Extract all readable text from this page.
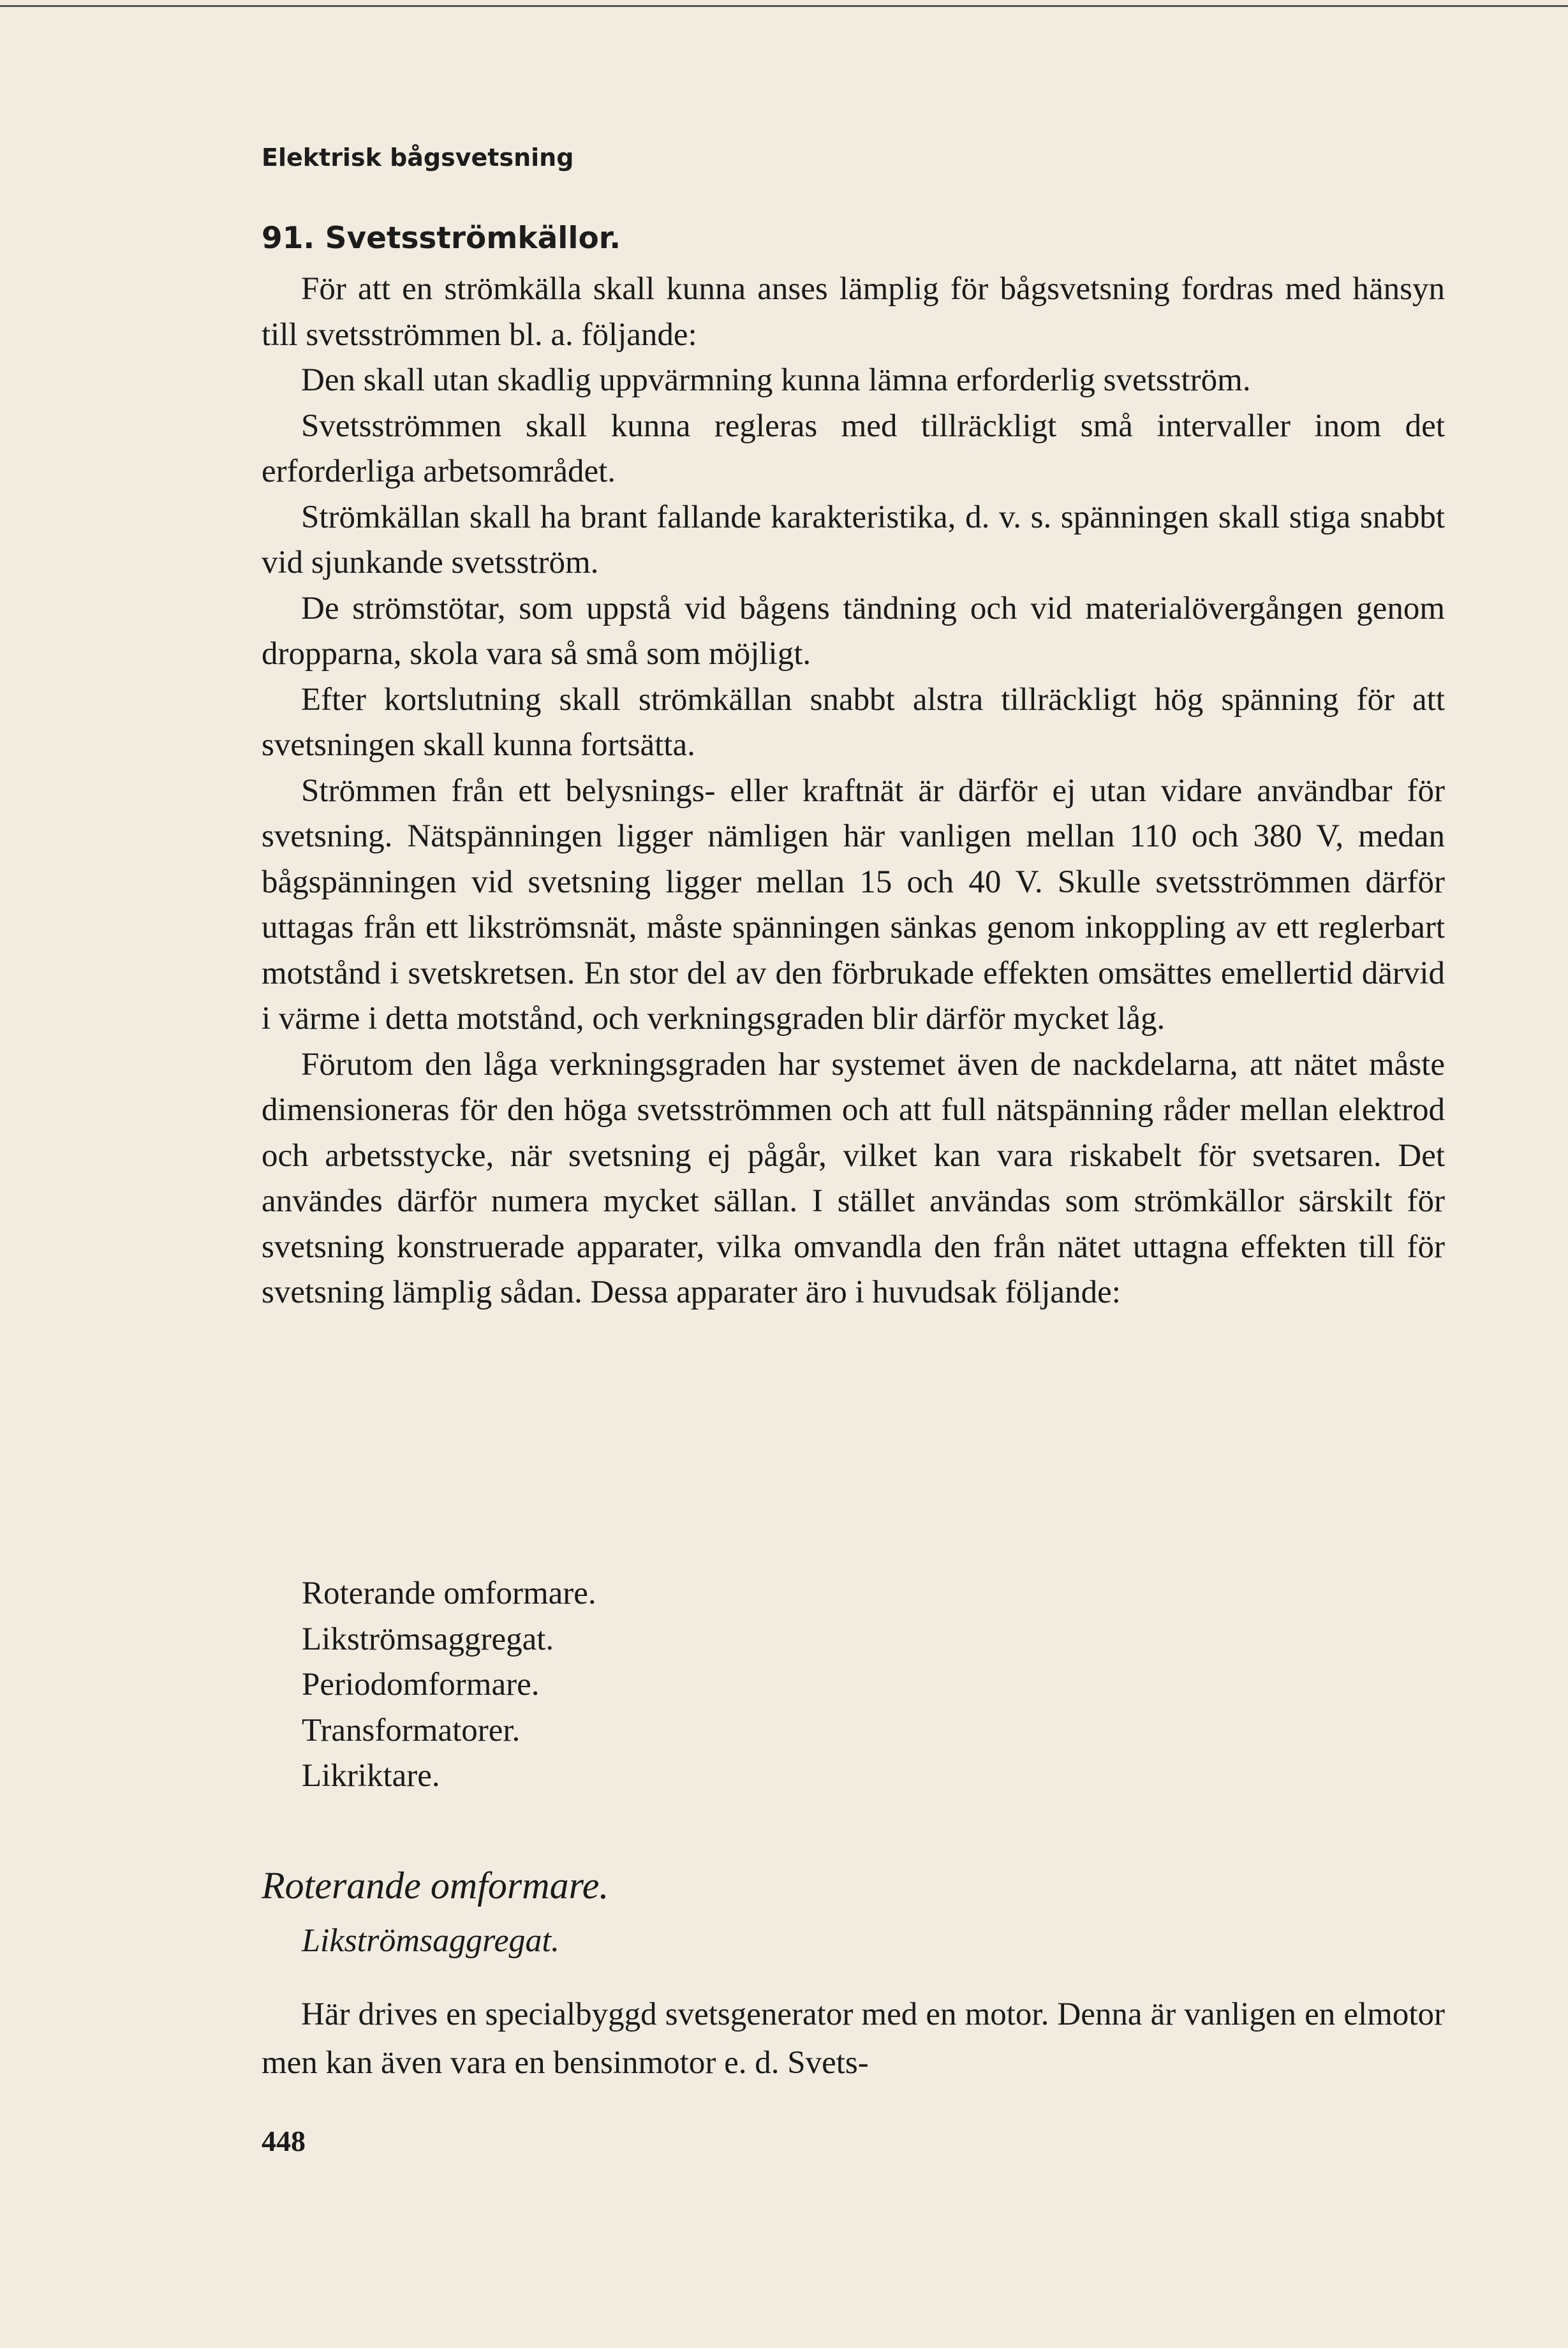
Elektrisk bågsvetsning
91. Svetsströmkällor.

För att en strömkälla skall kunna anses lämplig för bågsvetsning fordras med hänsyn till svetsströmmen bl. a. följande:

Den skall utan skadlig uppvärmning kunna lämna erforderlig svetsström.

Svetsströmmen skall kunna regleras med tillräckligt små intervaller inom det erforderliga arbetsområdet.

Strömkällan skall ha brant fallande karakteristika, d. v. s. spänningen skall stiga snabbt vid sjunkande svetsström.

De strömstötar, som uppstå vid bågens tändning och vid materialövergången genom dropparna, skola vara så små som möjligt.

Efter kortslutning skall strömkällan snabbt alstra tillräckligt hög spänning för att svetsningen skall kunna fortsätta.

Strömmen från ett belysnings- eller kraftnät är därför ej utan vidare användbar för svetsning. Nätspänningen ligger nämligen här vanligen mellan 110 och 380 V, medan bågspänningen vid svetsning ligger mellan 15 och 40 V. Skulle svetsströmmen därför uttagas från ett likströmsnät, måste spänningen sänkas genom inkoppling av ett reglerbart motstånd i svetskretsen. En stor del av den förbrukade effekten omsättes emellertid därvid i värme i detta motstånd, och verkningsgraden blir därför mycket låg.

Förutom den låga verkningsgraden har systemet även de nackdelarna, att nätet måste dimensioneras för den höga svetsströmmen och att full nätspänning råder mellan elektrod och arbetsstycke, när svetsning ej pågår, vilket kan vara riskabelt för svetsaren. Det användes därför numera mycket sällan. I stället användas som strömkällor särskilt för svetsning konstruerade apparater, vilka omvandla den från nätet uttagna effekten till för svetsning lämplig sådan. Dessa apparater äro i huvudsak följande:

Roterande omformare.
Likströmsaggregat.
Periodomformare.
Transformatorer.
Likriktare.
Roterande omformare.
Likströmsaggregat.

Här drives en specialbyggd svetsgenerator med en motor. Denna är vanligen en elmotor men kan även vara en bensinmotor e. d. Svets-

448
